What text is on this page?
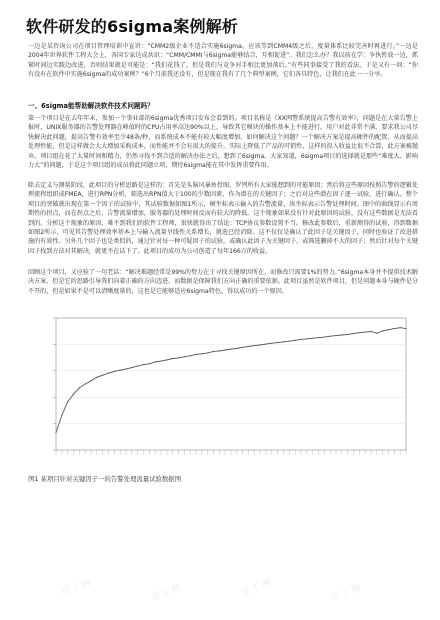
软件研发的6sigma案例解析

一边是某咨询公司在项目管理培训中宣讲：“CMM2级企业不适合实施6sigma，应该等到CMM4级之后，度量体系比较完善时再进行。”一边是2004年世界软件工程大会上，各国专家达成共识：“CMM/CMMI与6sigma能够结合，互相促进”。我们怎么办？我以前在学：争执暂放一边，抓紧时间边实践边改进，否则结果就是可能是：“我们花钱了，但是我们与竞争对手相比更加落后。”有些同事接受了我的看法，于是又有一问：“你有没有在软件中实施6sigma的成功案例？”6个月前我还没有，但是现在我有了几个典型案例，它们各具特色，让我们在此一一分享。

一、6sigma能帮助解决软件技术问题吗？

第一个项目是在去年年末，参加一个事业部的6sigma优秀项目发布会看到的。项目名称是《XX网警系统提高告警有效率》，问题是在大量告警上报时，UNIX服务器的告警处理器在峰值时的CPU占用率高达90%以上，导致其它模块的操作基本上不能进行。用户对此非常不满，要求我公司尽快解决此问题，提高告警有效率至少48条/秒，而系统成本不能有较大幅度增加。如何解决这个问题？一个解决方案是提高硬件的配置，从而提高处理性能，但是这样做会大大增加采购成本，而性能并不会有很大的提升，实际上降低了产品的可销性，这样的投入收益比很不合算，此方案被抛弃。项目组在花了大量时间和精力，仍然寻找不到合适的解决办法之后，想到了6sigma。大家知道，6sigma项目的选择就是那些“难度大、影响力大”的问题，于是这个项目组的成员将此问题立项，期待6sigma能在其中发挥重要作用。

除去定义与测量阶段，此项目的分析思路是这样的：首先是头脑风暴鱼骨图，罗列所有大家能想到的可能原因；然后将这些原因按照告警的逻辑处理流程组织成FMEA，进行RPN分析，筛选出RPN值大于100的少数因素，作为潜在的关键因子；之后对这些潜在因子逐一试验，进行确认。整个项目的突破就出现在第一个因子的试验中，其试验数据如图1所示，横坐标表示输入的告警流量，纵坐标表示告警处理时间。图中的曲线显示有周期性的拐点，而在拐点之后，告警流量增加，服务器的处理时间反而有较大的降低。这个现象如果没有针对此原因的试验，没有这些数据是无法看到的。分析这个现象的原因，难不到我们的软件工程师，很快就得出了结论：TCP协议参数设置不当。修改此参数后，重新测得的试验，得到数据如图2所示，可见其告警处理效率基本上与输入流量呈线性关系增长，挑选已经消除。这不仅仅是确认了此因子是关键因子，同时也验证了改进措施的有效性。另外几个因子也是类似的，通过针对每一种可疑因子的试验，或确认此因子为关键因子，或筛选删掉不大的因子；然后针对每个关键因子找到方法对其解决，就更不在话下了。此项目的成功为公司创造了每年166万的收益。

回顾这个项目，又应验了一句老话：“解决难题经常是99%的努力在于寻找关键原因所在，而修改只需要1%的努力。”6sigma本身并不提供技术解决方案，但是它的思路引导我们向着正确的方向迈进，而数据是保障我们方向正确的重要依据。此项目虽然是软件项目，但是问题本身与硬件是分不开的，但是如果不是可以清晰度量的，这也是它能够适应6sigma特色，得以成功的一个原因。

图1 某项目针对关键因子一的告警处理流量试验数据图

豆丁网	豆丁网	豆丁网	豆丁网
